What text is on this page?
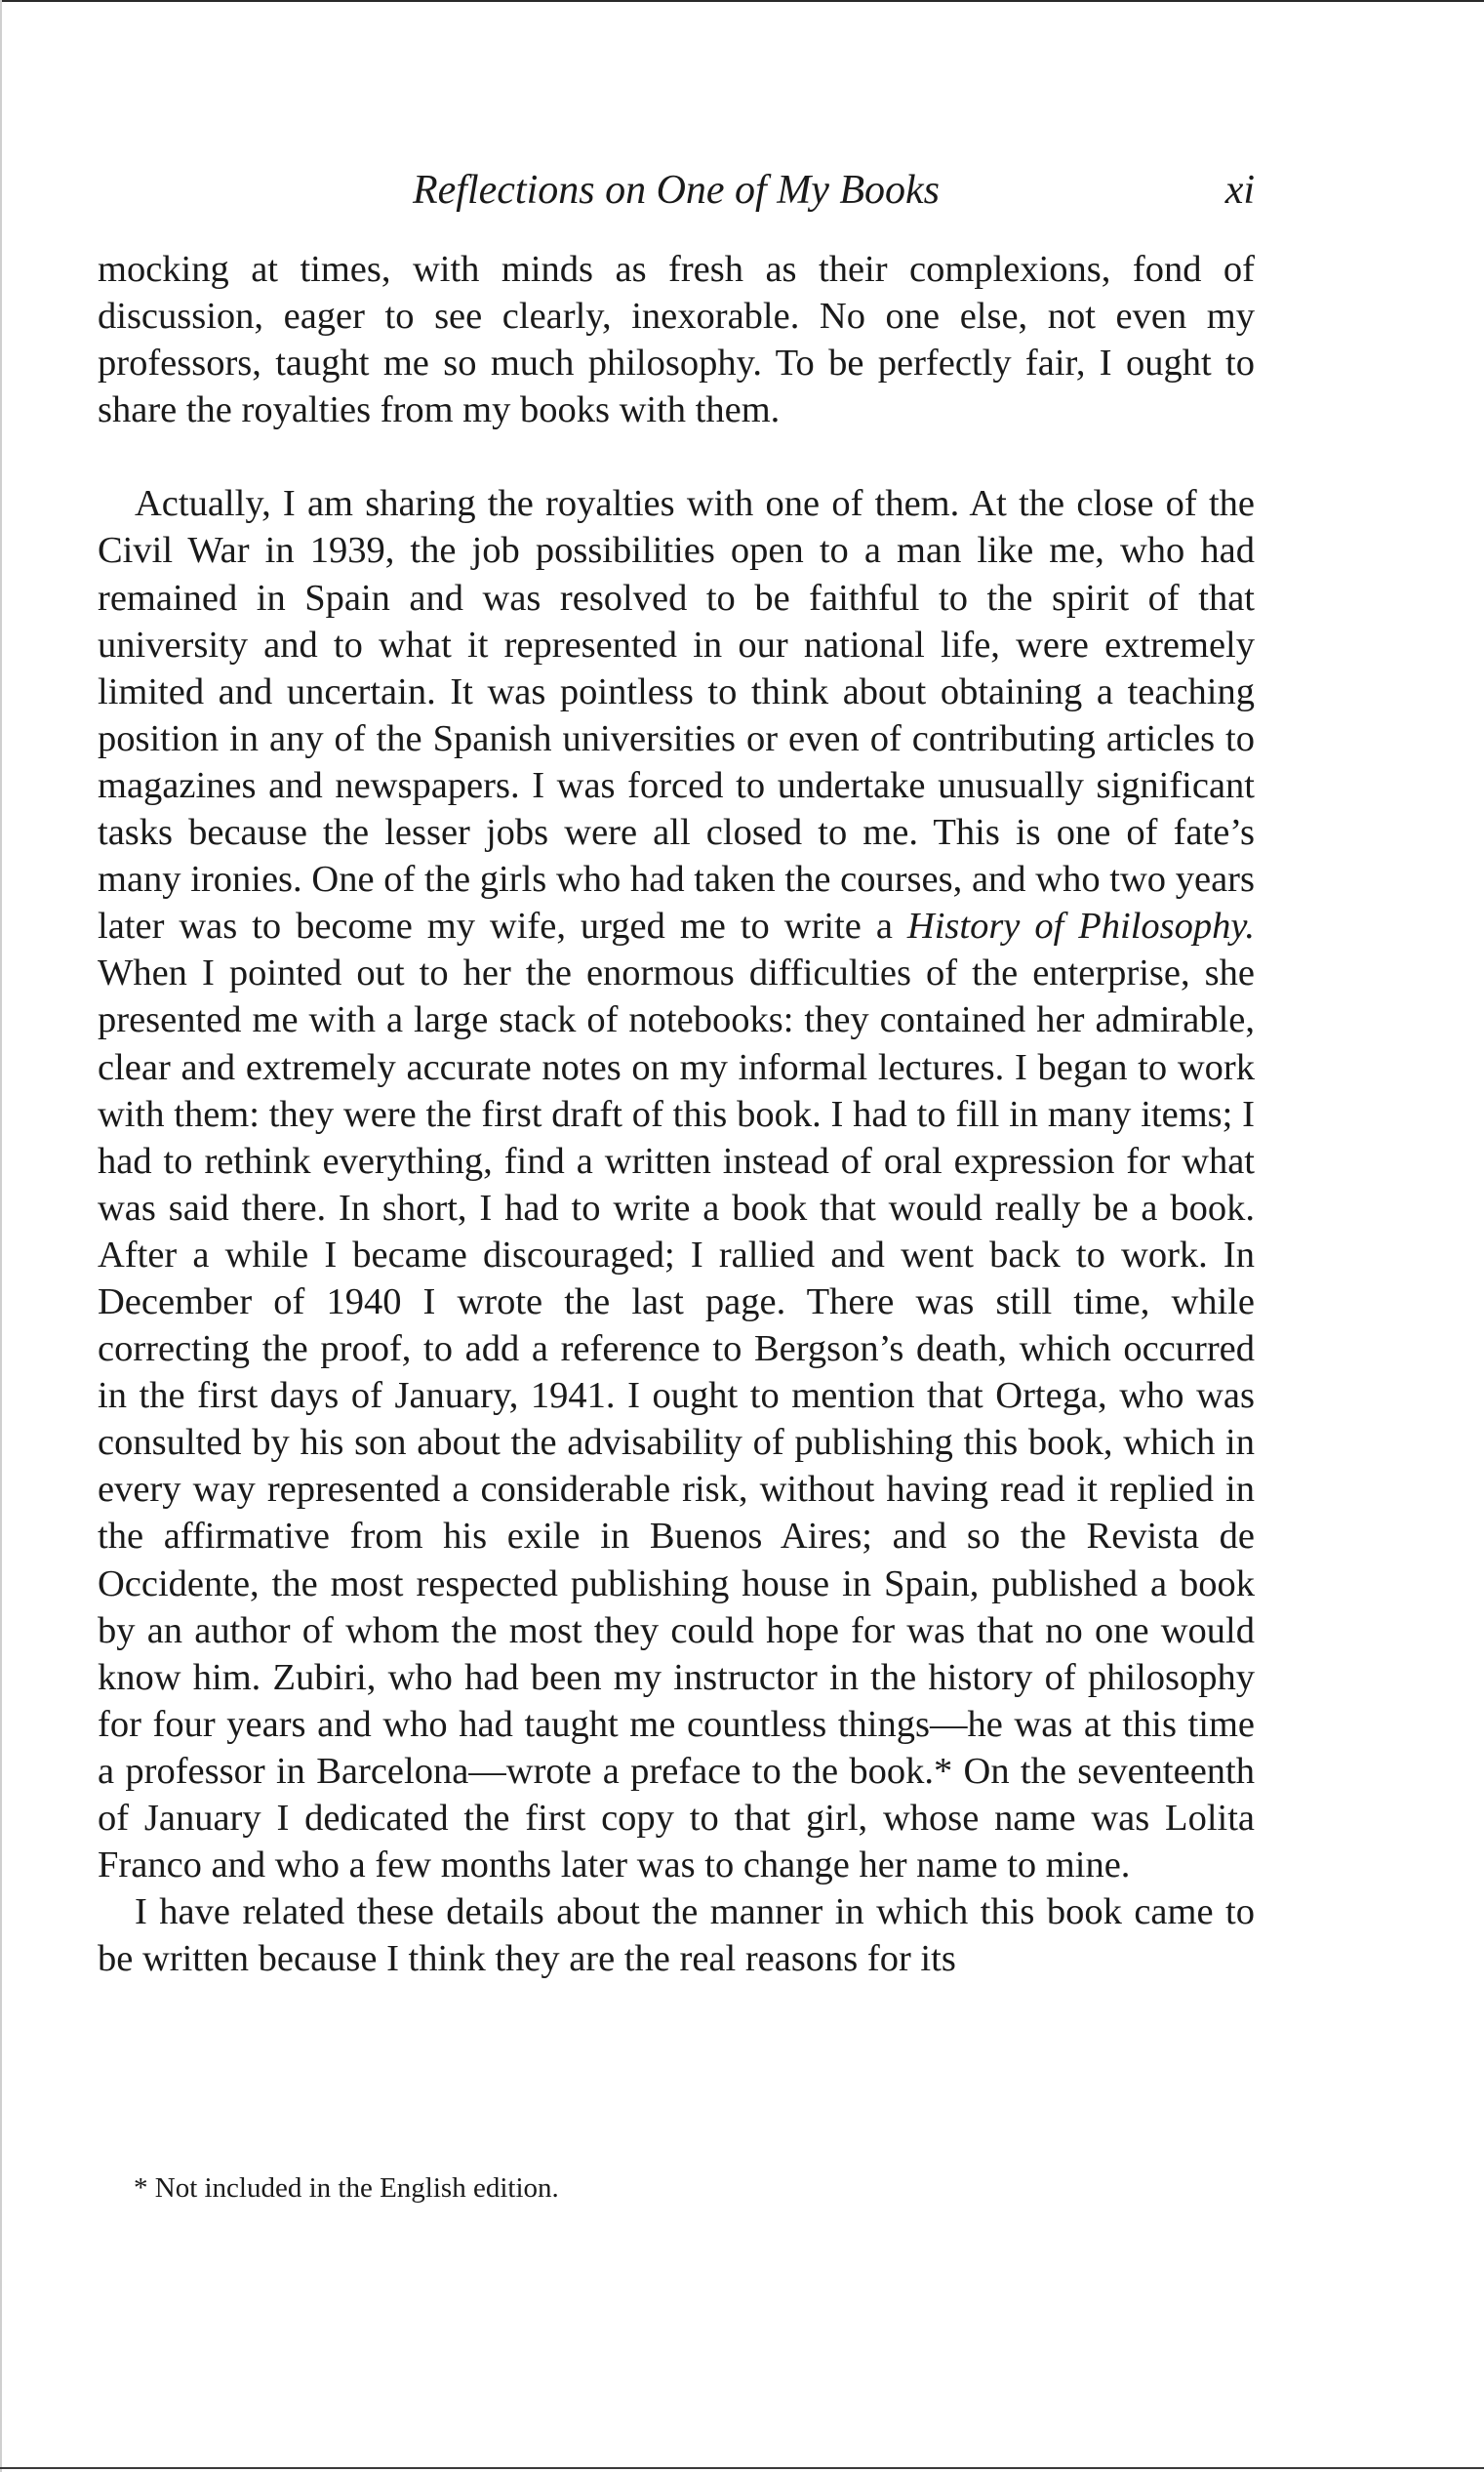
Reflections on One of My Books	xi

mocking at times, with minds as fresh as their complexions, fond of discussion, eager to see clearly, inexorable. No one else, not even my professors, taught me so much philosophy. To be perfectly fair, I ought to share the royalties from my books with them.

Actually, I am sharing the royalties with one of them. At the close of the Civil War in 1939, the job possibilities open to a man like me, who had remained in Spain and was resolved to be faithful to the spirit of that university and to what it represented in our national life, were extremely limited and uncertain. It was pointless to think about obtaining a teaching position in any of the Spanish universities or even of contributing articles to magazines and newspapers. I was forced to undertake unusually significant tasks because the lesser jobs were all closed to me. This is one of fate’s many ironies. One of the girls who had taken the courses, and who two years later was to become my wife, urged me to write a History of Philosophy. When I pointed out to her the enormous difficulties of the enterprise, she presented me with a large stack of notebooks: they contained her admirable, clear and extremely accurate notes on my informal lectures. I began to work with them: they were the first draft of this book. I had to fill in many items; I had to rethink everything, find a written instead of oral expression for what was said there. In short, I had to write a book that would really be a book. After a while I became discouraged; I rallied and went back to work. In December of 1940 I wrote the last page. There was still time, while correcting the proof, to add a reference to Bergson’s death, which occurred in the first days of January, 1941. I ought to mention that Ortega, who was consulted by his son about the advisability of publishing this book, which in every way represented a considerable risk, without having read it replied in the affirmative from his exile in Buenos Aires; and so the Revista de Occidente, the most respected publishing house in Spain, published a book by an author of whom the most they could hope for was that no one would know him. Zubiri, who had been my instructor in the history of philosophy for four years and who had taught me countless things—he was at this time a professor in Barcelona—wrote a preface to the book.* On the seventeenth of January I dedicated the first copy to that girl, whose name was Lolita Franco and who a few months later was to change her name to mine.

I have related these details about the manner in which this book came to be written because I think they are the real reasons for its

* Not included in the English edition.
